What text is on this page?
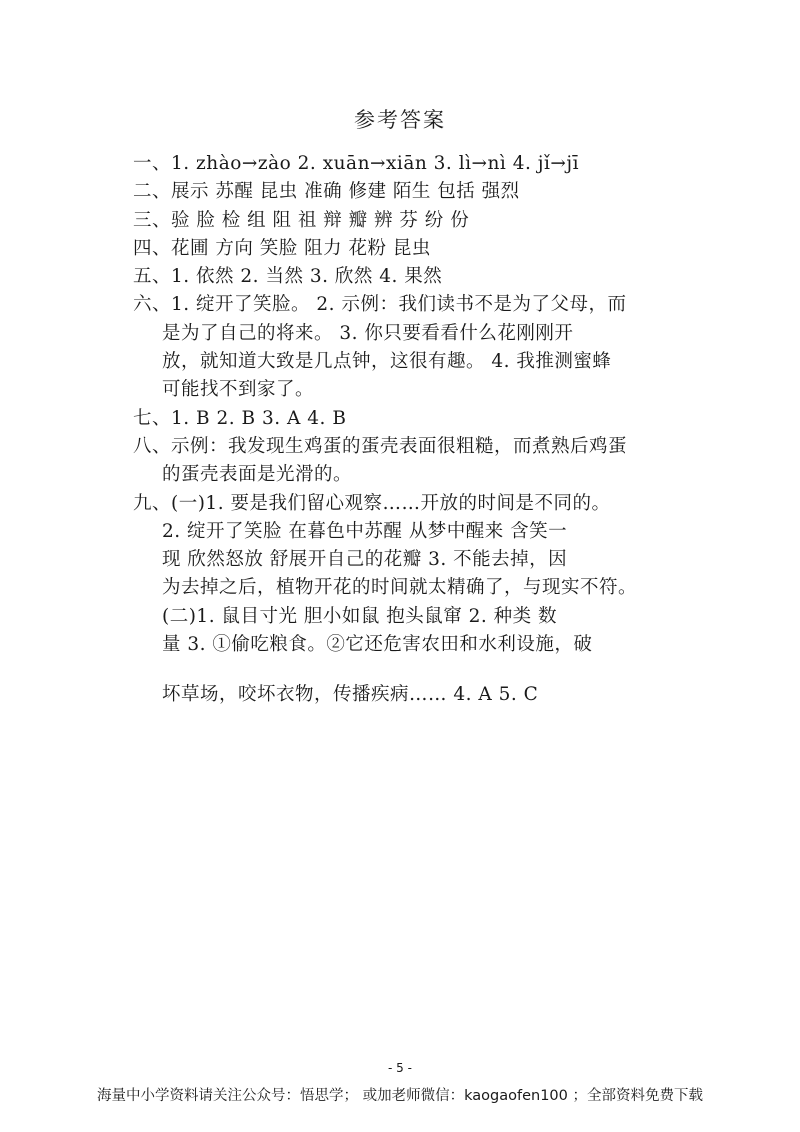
参考答案
一、1. zhào→zào 2. xuān→xiān 3. lì→nì 4. jǐ→jī
二、展示 苏醒 昆虫 准确 修建 陌生 包括 强烈
三、验 脸 检 组 阻 祖 辩 瓣 辨 芬 纷 份
四、花圃 方向 笑脸 阻力 花粉 昆虫
五、1. 依然 2. 当然 3. 欣然 4. 果然
六、1. 绽开了笑脸。 2. 示例：我们读书不是为了父母，而
是为了自己的将来。 3. 你只要看看什么花刚刚开
放，就知道大致是几点钟，这很有趣。 4. 我推测蜜蜂
可能找不到家了。
七、1. B 2. B 3. A 4. B
八、示例：我发现生鸡蛋的蛋壳表面很粗糙，而煮熟后鸡蛋
的蛋壳表面是光滑的。
九、(一)1. 要是我们留心观察……开放的时间是不同的。
2. 绽开了笑脸 在暮色中苏醒 从梦中醒来 含笑一
现 欣然怒放 舒展开自己的花瓣 3. 不能去掉，因
为去掉之后，植物开花的时间就太精确了，与现实不符。
(二)1. 鼠目寸光 胆小如鼠 抱头鼠窜 2. 种类 数
量 3. ①偷吃粮食。②它还危害农田和水利设施，破
坏草场，咬坏衣物，传播疾病…… 4. A 5. C
- 5 -
海量中小学资料请关注公众号：悟思学； 或加老师微信：kaogaofen100 ；全部资料免费下载
